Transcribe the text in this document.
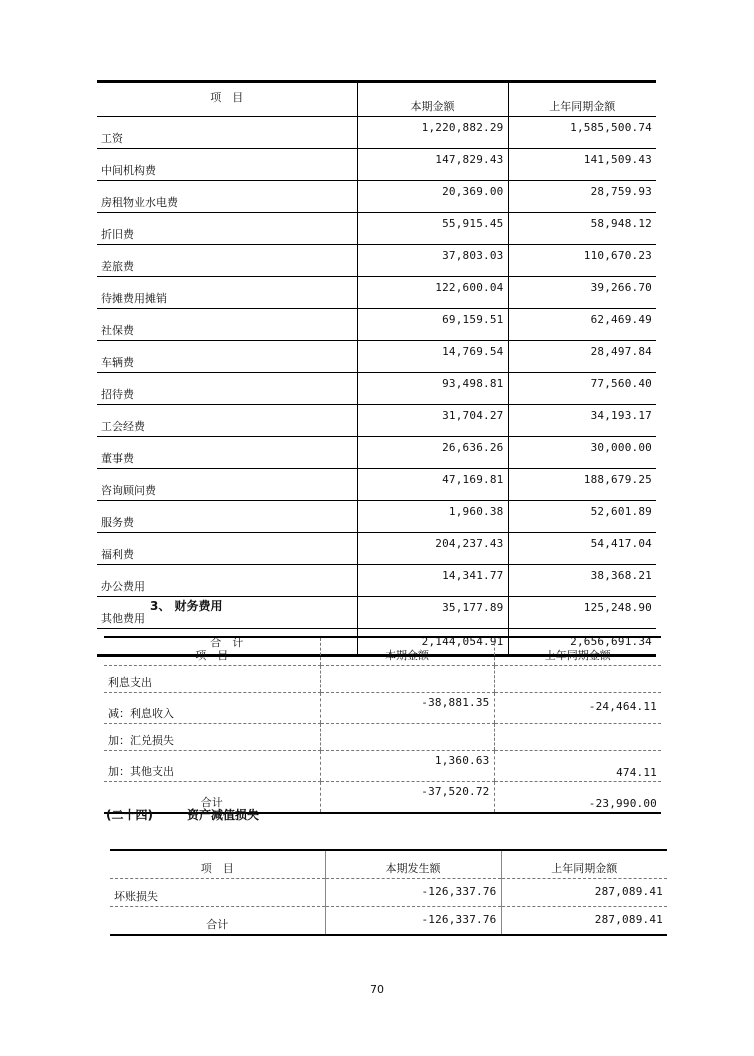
项　目	本期金额	上年同期金额
工资	1,220,882.29	1,585,500.74
中间机构费	147,829.43	141,509.43
房租物业水电费	20,369.00	28,759.93
折旧费	55,915.45	58,948.12
差旅费	37,803.03	110,670.23
待摊费用摊销	122,600.04	39,266.70
社保费	69,159.51	62,469.49
车辆费	14,769.54	28,497.84
招待费	93,498.81	77,560.40
工会经费	31,704.27	34,193.17
董事费	26,636.26	30,000.00
咨询顾问费	47,169.81	188,679.25
服务费	1,960.38	52,601.89
福利费	204,237.43	54,417.04
办公费用	14,341.77	38,368.21
其他费用	35,177.89	125,248.90
合　计	2,144,054.91	2,656,691.34
3、 财务费用
项　目	本期金额	上年同期金额
利息支出		
减：利息收入	-38,881.35	-24,464.11
加：汇兑损失		
加：其他支出	1,360.63	474.11
合计	-37,520.72	-23,990.00
(二十四)	资产减值损失
项　目	本期发生额	上年同期金额
坏账损失	-126,337.76	287,089.41
合计	-126,337.76	287,089.41
70
